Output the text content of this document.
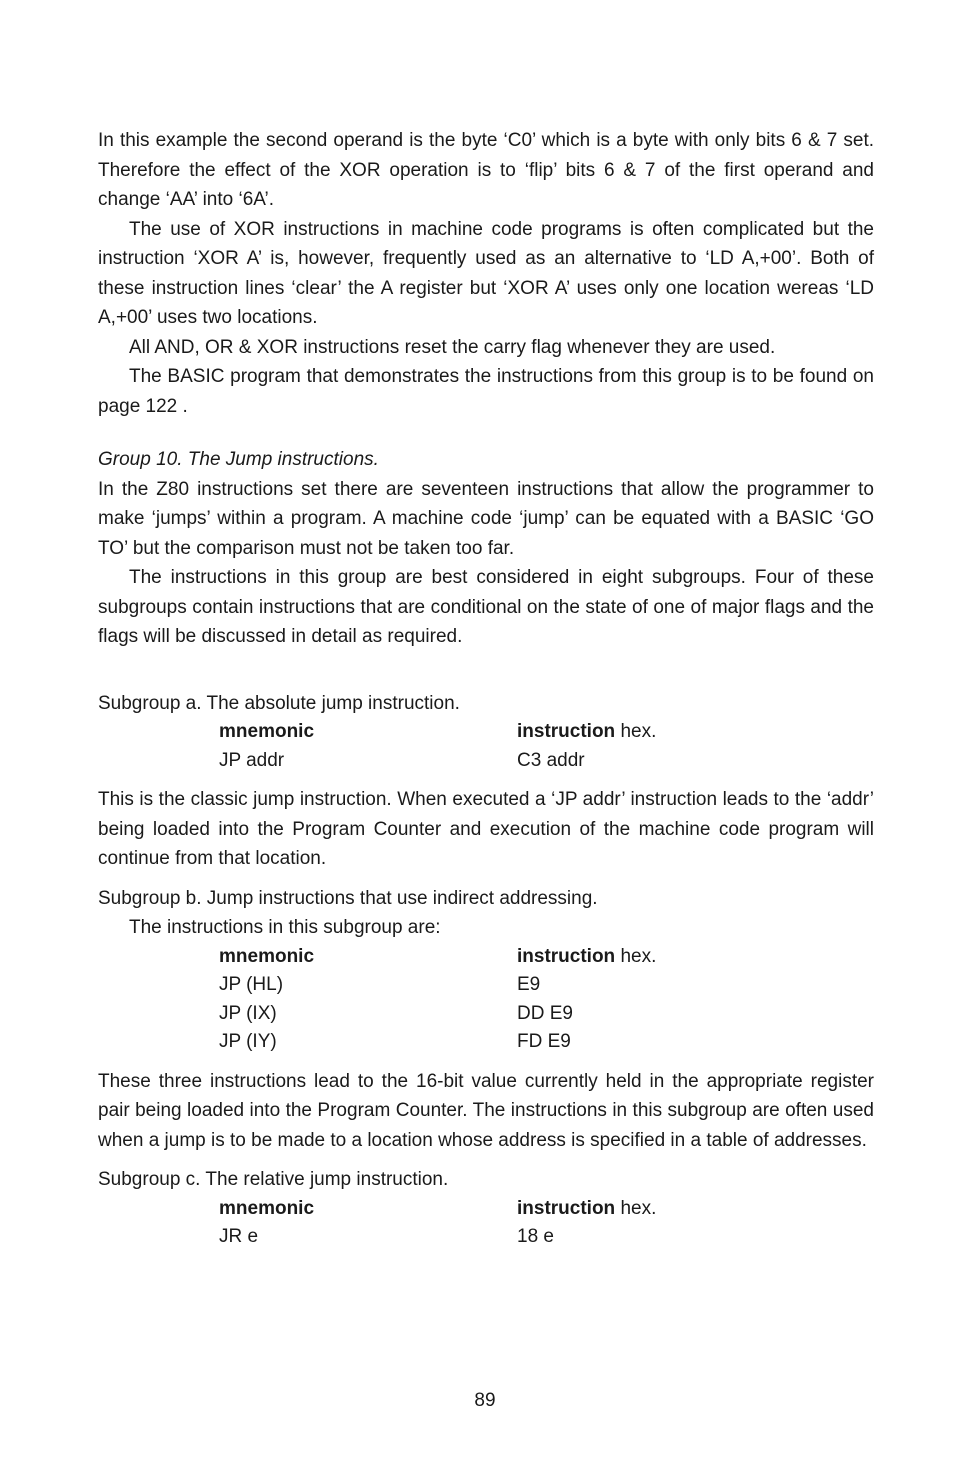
In this example the second operand is the byte ‘C0’ which is a byte with only bits 6 & 7 set. Therefore the effect of the XOR operation is to ‘flip’ bits 6 & 7 of the first operand and change ‘AA’ into ‘6A’.

The use of XOR instructions in machine code programs is often complicated but the instruction ‘XOR A’ is, however, frequently used as an alternative to ‘LD A,+00’. Both of these instruction lines ‘clear’ the A register but ‘XOR A’ uses only one location wereas ‘LD A,+00’ uses two locations.

All AND, OR & XOR instructions reset the carry flag whenever they are used.

The BASIC program that demonstrates the instructions from this group is to be found on page 122 .

Group 10. The Jump instructions.

In the Z80 instructions set there are seventeen instructions that allow the programmer to make ‘jumps’ within a program. A machine code ‘jump’ can be equated with a BASIC ‘GO TO’ but the comparison must not be taken too far.

The instructions in this group are best considered in eight subgroups. Four of these subgroups contain instructions that are conditional on the state of one of major flags and the flags will be discussed in detail as required.

Subgroup a. The absolute jump instruction.

mnemonic	instruction hex.
JP addr	C3 addr

This is the classic jump instruction. When executed a ‘JP addr’ instruction leads to the ‘addr’ being loaded into the Program Counter and execution of the machine code program will continue from that location.

Subgroup b. Jump instructions that use indirect addressing.

The instructions in this subgroup are:

mnemonic	instruction hex.
JP (HL)	E9
JP (IX)	DD E9
JP (IY)	FD E9

These three instructions lead to the 16-bit value currently held in the appropriate register pair being loaded into the Program Counter. The instructions in this subgroup are often used when a jump is to be made to a location whose address is specified in a table of addresses.

Subgroup c. The relative jump instruction.

mnemonic	instruction hex.
JR e	18 e
89
